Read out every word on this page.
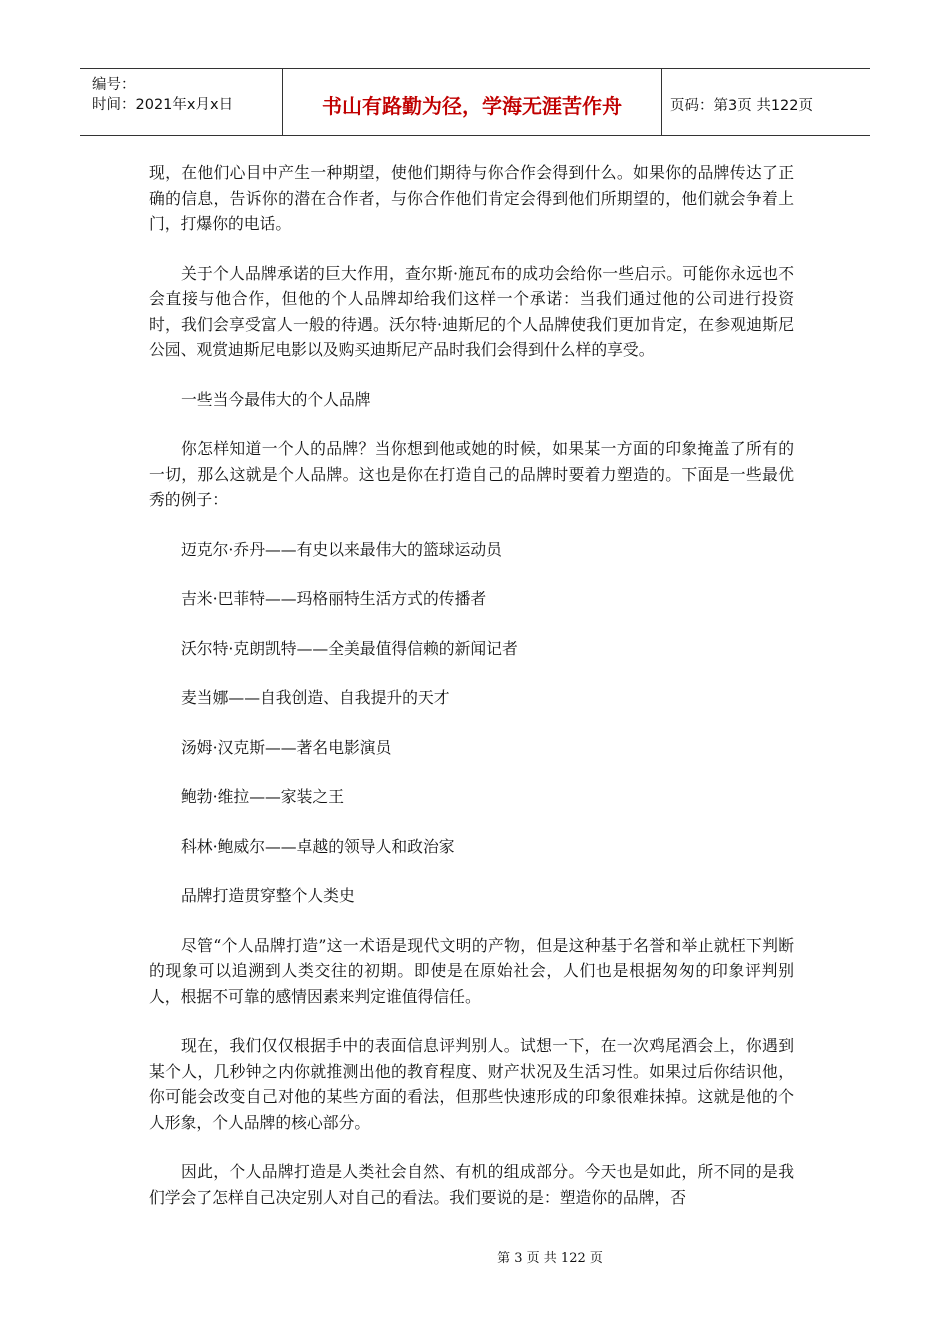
编号：
时间：2021年x月x日	书山有路勤为径，学海无涯苦作舟	页码：第3页 共122页

现，在他们心目中产生一种期望，使他们期待与你合作会得到什么。如果你的品牌传达了正确的信息，告诉你的潜在合作者，与你合作他们肯定会得到他们所期望的，他们就会争着上门，打爆你的电话。

关于个人品牌承诺的巨大作用，查尔斯·施瓦布的成功会给你一些启示。可能你永远也不会直接与他合作，但他的个人品牌却给我们这样一个承诺：当我们通过他的公司进行投资时，我们会享受富人一般的待遇。沃尔特·迪斯尼的个人品牌使我们更加肯定，在参观迪斯尼公园、观赏迪斯尼电影以及购买迪斯尼产品时我们会得到什么样的享受。

一些当今最伟大的个人品牌

你怎样知道一个人的品牌？当你想到他或她的时候，如果某一方面的印象掩盖了所有的一切，那么这就是个人品牌。这也是你在打造自己的品牌时要着力塑造的。下面是一些最优秀的例子：

迈克尔·乔丹——有史以来最伟大的篮球运动员

吉米·巴菲特——玛格丽特生活方式的传播者

沃尔特·克朗凯特——全美最值得信赖的新闻记者

麦当娜——自我创造、自我提升的天才

汤姆·汉克斯——著名电影演员

鲍勃·维拉——家装之王

科林·鲍威尔——卓越的领导人和政治家

品牌打造贯穿整个人类史

尽管“个人品牌打造”这一术语是现代文明的产物，但是这种基于名誉和举止就枉下判断的现象可以追溯到人类交往的初期。即使是在原始社会，人们也是根据匆匆的印象评判别人，根据不可靠的感情因素来判定谁值得信任。

现在，我们仅仅根据手中的表面信息评判别人。试想一下，在一次鸡尾酒会上，你遇到某个人，几秒钟之内你就推测出他的教育程度、财产状况及生活习性。如果过后你结识他，你可能会改变自己对他的某些方面的看法，但那些快速形成的印象很难抹掉。这就是他的个人形象，个人品牌的核心部分。

因此，个人品牌打造是人类社会自然、有机的组成部分。今天也是如此，所不同的是我们学会了怎样自己决定别人对自己的看法。我们要说的是：塑造你的品牌，否

第 3 页 共 122 页
